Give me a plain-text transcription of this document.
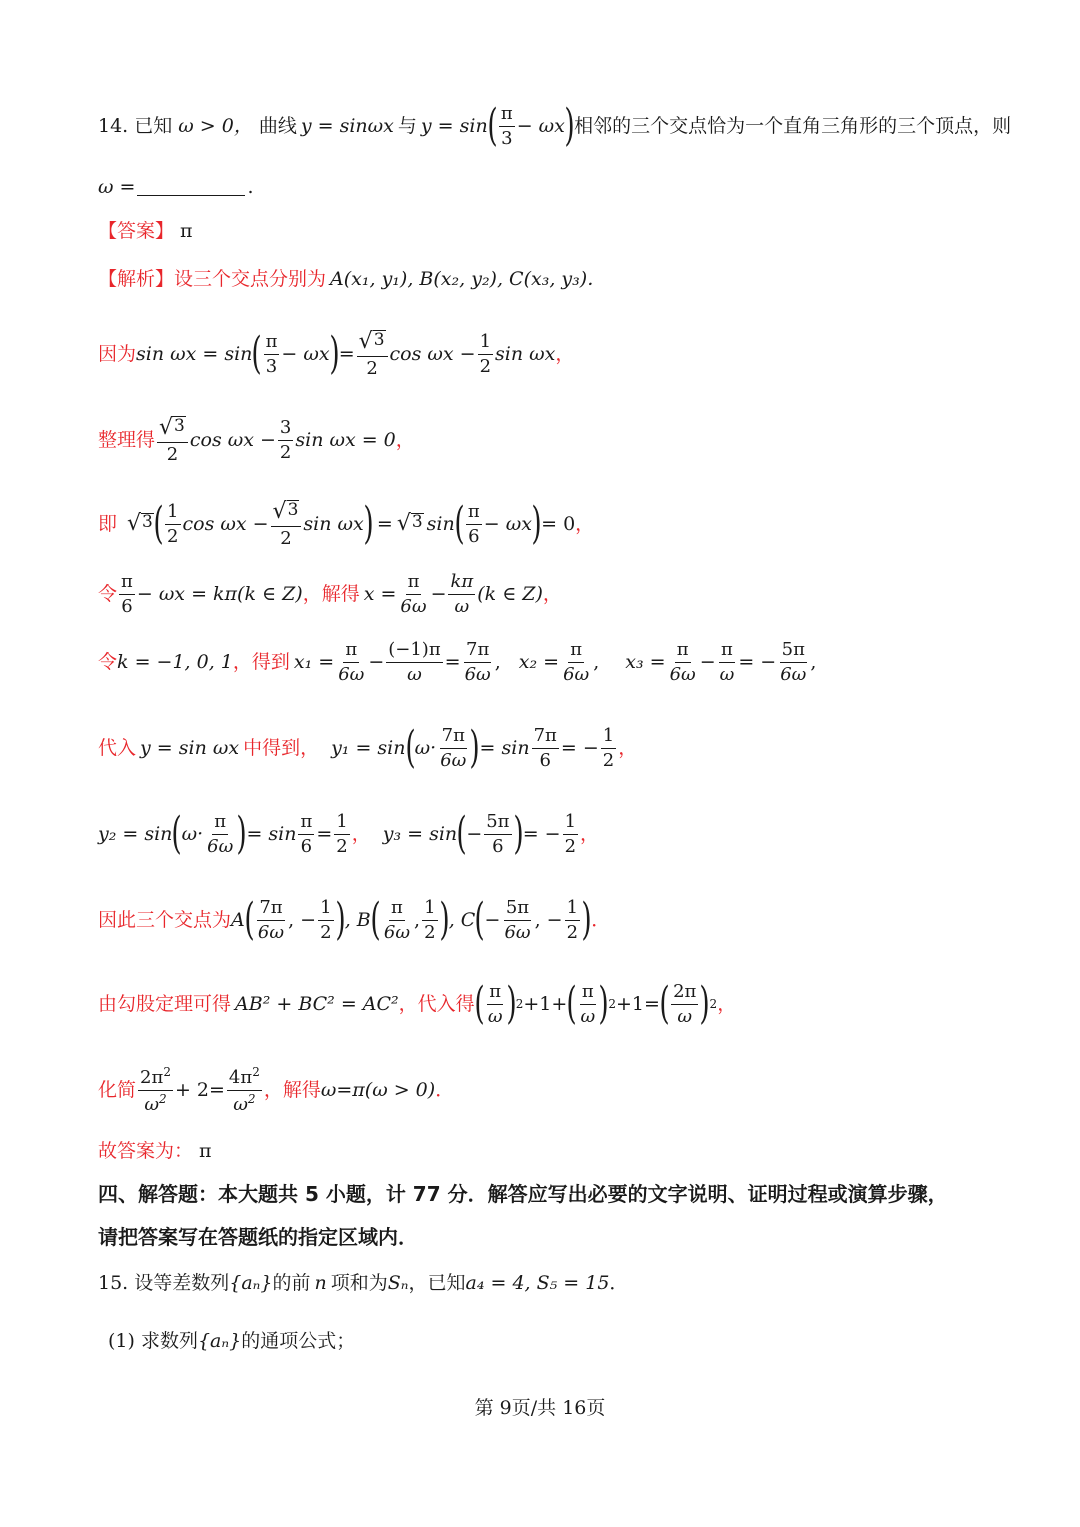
14. 已知 ω > 0， 曲线 y = sinωx 与 y = sin ( $\frac{\pi}{3} - \omega x$ ) 相邻的三个交点恰为一个直角三角形的三个顶点，则
ω =	.
【答案】 π
【解析】 设三个交点分别为 A(x₁, y₁), B(x₂, y₂), C(x₃, y₃)．
因为 sin ωx = sin ( $\frac{\pi}{3} - \omega x$ ) = $\frac{√ 3}{2}$ $\cos \omega x - \frac{1}{2}$ sin ωx ，
整理得 $\frac{√ 3}{2}$ $\cos \omega x - \frac{3}{2}$ sin ωx = 0 ，
即 √ 3 ( $\frac{1}{2}$ $\cos \omega x - \frac{√ 3}{2}$ sin ωx ) = √ 3 sin ( $\frac{\pi}{6} - \omega x$ ) = 0 ，
令 $\frac{\pi}{6} - \omega x = k\pi(k$ ∈ Z) ，解得 $x = \frac{\pi}{6\omega} - \frac{k\pi}{\omega} (k$ ∈ Z) ，
令 k = −1, 0, 1 ，得到 $x_1 = \frac{\pi}{6\omega} - \frac{(-1)\pi}{\omega} = \frac{7\pi}{6\omega}$ , $x_2 = \frac{\pi}{6\omega}$ , $x_3 = \frac{\pi}{6\omega} - \frac{\pi}{\omega}$ = − $\frac{5\pi}{6\omega}$ ,
代入 y = sin ωx 中得到， y₁ = sin ( $\omega\cdot \frac{7\pi}{6\omega}$ ) = $\sin \frac{7\pi}{6}$ = − $\frac{1}{2}$ ，
y₂ = sin ( $\omega\cdot \frac{\pi}{6\omega}$ ) = $\sin \frac{\pi}{6} = \frac{1}{2}$ ， y₃ = sin ( − $\frac{5\pi}{6}$ ) = − $\frac{1}{2}$ ，
因此三个交点为 A ( $\frac{7\pi}{6\omega}$ , − $\frac{1}{2}$ ) , B ( $\frac{\pi}{6\omega}$ , $\frac{1}{2}$ ) , C ( − $\frac{5\pi}{6\omega}$ , − $\frac{1}{2}$ ) ．
由勾股定理可得 AB² + BC² = AC² ，代入得 ( $\frac{\pi}{\omega}$ ) 2 +1+ ( $\frac{\pi}{\omega}$ ) 2 +1= ( $\frac{2\pi}{\omega}$ ) 2 ，
化简 $\frac{2\pi^2}{\omega^2} + 2= \frac{4\pi^2}{\omega^2}$ ，解得 ω=π(ω > 0) ．
故答案为： π
四、解答题：本大题共 5 小题，计 77 分．解答应写出必要的文字说明、证明过程或演算步骤，
请把答案写在答题纸的指定区域内．
15. 设等差数列 {aₙ} 的前 n 项和为 Sₙ ，已知 a₄ = 4, S₅ = 15 ．
(1) 求数列 {aₙ} 的通项公式；
第 9页/共 16页
